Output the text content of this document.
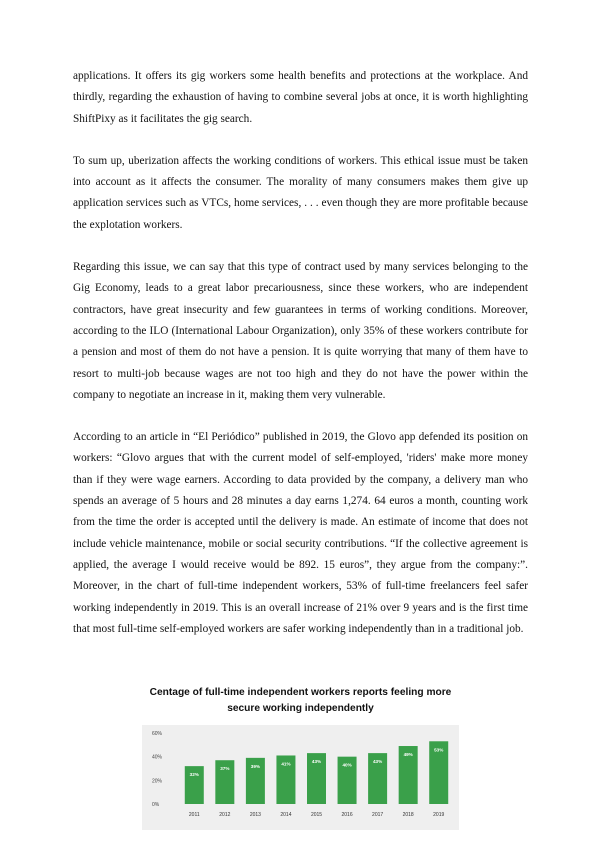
applications. It offers its gig workers some health benefits and protections at the workplace. And thirdly, regarding the exhaustion of having to combine several jobs at once, it is worth highlighting ShiftPixy as it facilitates the gig search.

To sum up, uberization affects the working conditions of workers. This ethical issue must be taken into account as it affects the consumer. The morality of many consumers makes them give up application services such as VTCs, home services, . . . even though they are more profitable because the explotation workers.

Regarding this issue, we can say that this type of contract used by many services belonging to the Gig Economy, leads to a great labor precariousness, since these workers, who are independent contractors, have great insecurity and few guarantees in terms of working conditions. Moreover, according to the ILO (International Labour Organization), only 35% of these workers contribute for a pension and most of them do not have a pension. It is quite worrying that many of them have to resort to multi-job because wages are not too high and they do not have the power within the company to negotiate an increase in it, making them very vulnerable.

According to an article in “El Periódico” published in 2019, the Glovo app defended its position on workers: “Glovo argues that with the current model of self-employed, 'riders' make more money than if they were wage earners. According to data provided by the company, a delivery man who spends an average of 5 hours and 28 minutes a day earns 1,274. 64 euros a month, counting work from the time the order is accepted until the delivery is made. An estimate of income that does not include vehicle maintenance, mobile or social security contributions. “If the collective agreement is applied, the average I would receive would be 892. 15 euros”, they argue from the company:”. Moreover, in the chart of full-time independent workers, 53% of full-time freelancers feel safer working independently in 2019. This is an overall increase of 21% over 9 years and is the first time that most full-time self-employed workers are safer working independently than in a traditional job.

Centage of full-time independent workers reports feeling more secure working independently
0%
20%
40%
60%
32%
2011
37%
2012
39%
2013
41%
2014
43%
2015
40%
2016
43%
2017
49%
2018
53%
2019
